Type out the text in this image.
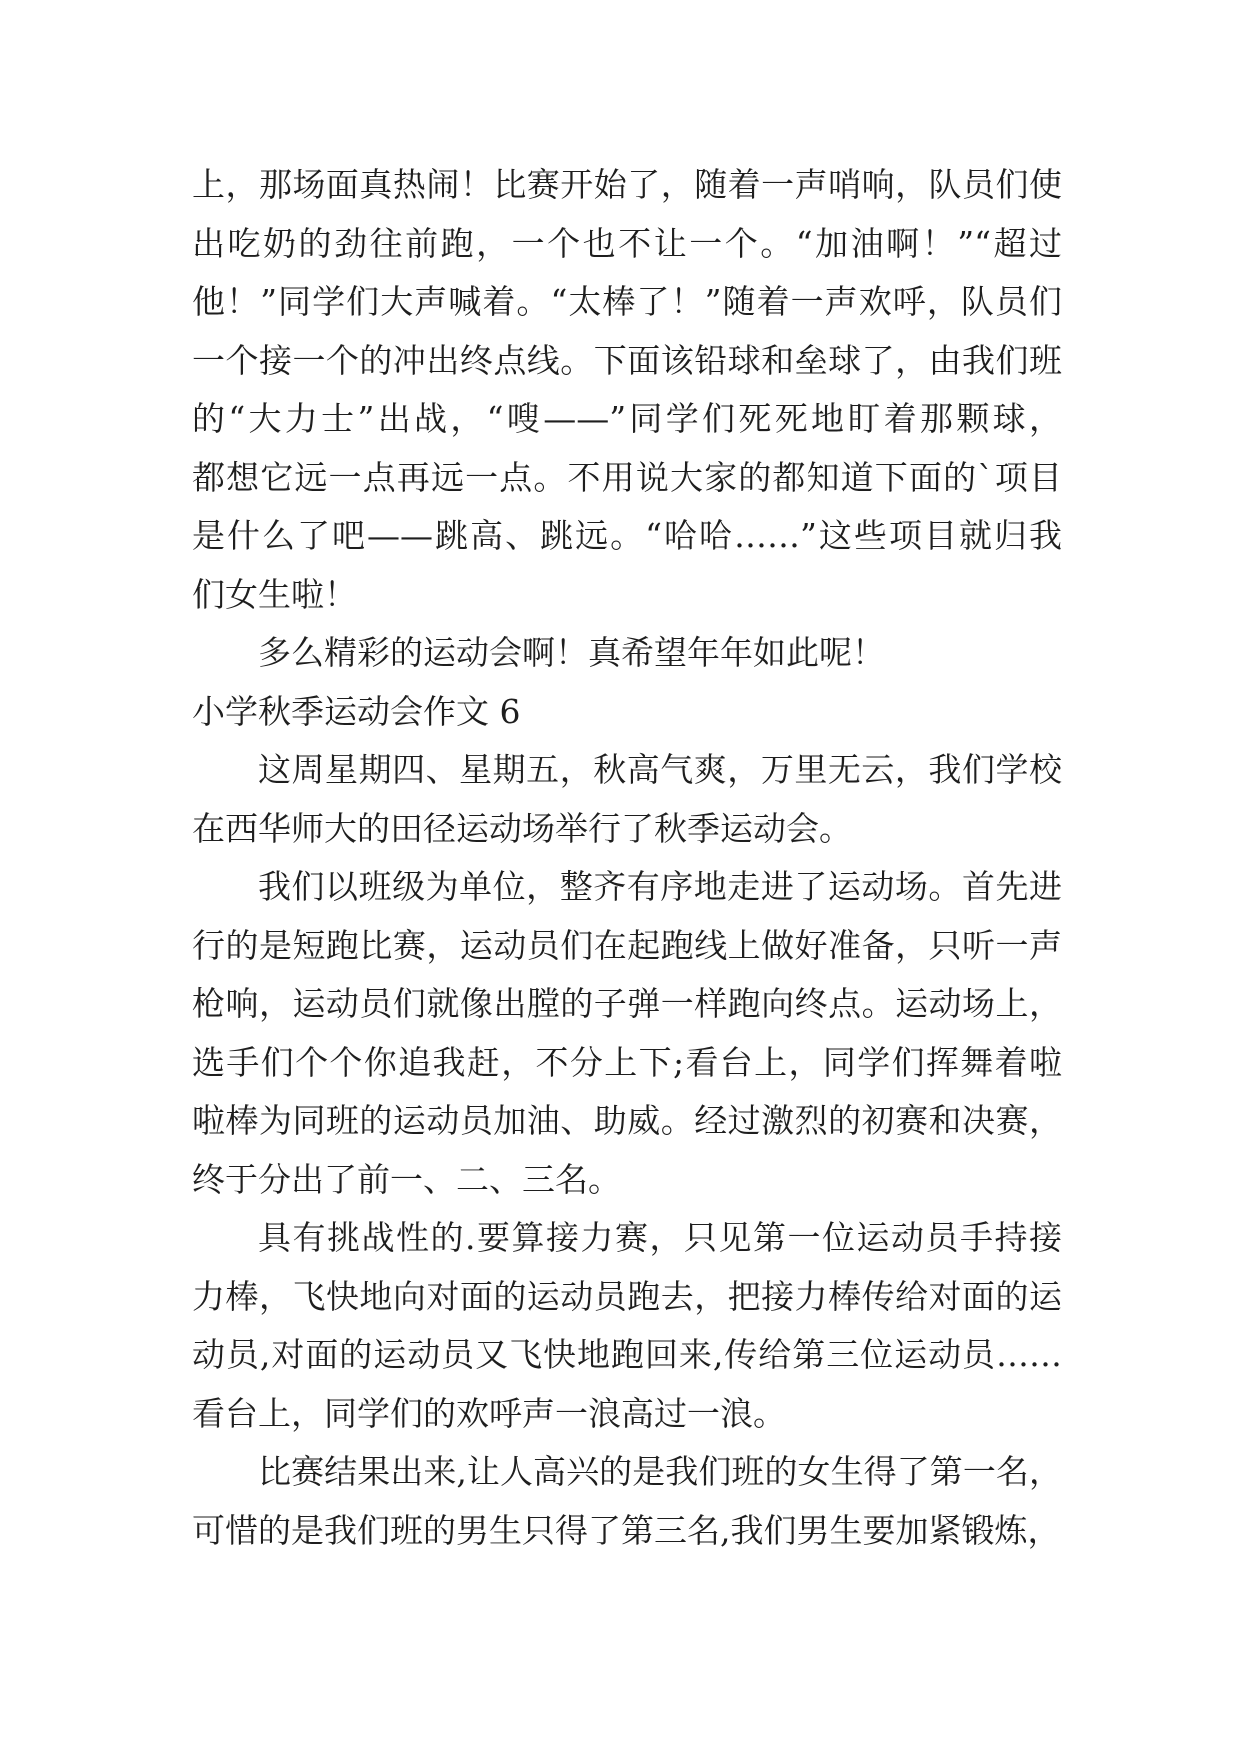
上，那场面真热闹！比赛开始了，随着一声哨响，队员们使
出吃奶的劲往前跑，一个也不让一个。“加油啊！”“超过
他！”同学们大声喊着。“太棒了！”随着一声欢呼，队员们
一个接一个的冲出终点线。下面该铅球和垒球了，由我们班
的“大力士”出战，“嗖——”同学们死死地盯着那颗球，
都想它远一点再远一点。不用说大家的都知道下面的`项目
是什么了吧——跳高、跳远。“哈哈……”这些项目就归我
们女生啦！
多么精彩的运动会啊！真希望年年如此呢！
小学秋季运动会作文 6
这周星期四、星期五，秋高气爽，万里无云，我们学校
在西华师大的田径运动场举行了秋季运动会。
我们以班级为单位，整齐有序地走进了运动场。首先进
行的是短跑比赛，运动员们在起跑线上做好准备，只听一声
枪响，运动员们就像出膛的子弹一样跑向终点。运动场上，
选手们个个你追我赶，不分上下;看台上，同学们挥舞着啦
啦棒为同班的运动员加油、助威。经过激烈的初赛和决赛，
终于分出了前一、二、三名。
具有挑战性的.要算接力赛，只见第一位运动员手持接
力棒，飞快地向对面的运动员跑去，把接力棒传给对面的运
动员,对面的运动员又飞快地跑回来,传给第三位运动员……
看台上，同学们的欢呼声一浪高过一浪。
比赛结果出来,让人高兴的是我们班的女生得了第一名，
可惜的是我们班的男生只得了第三名,我们男生要加紧锻炼，
